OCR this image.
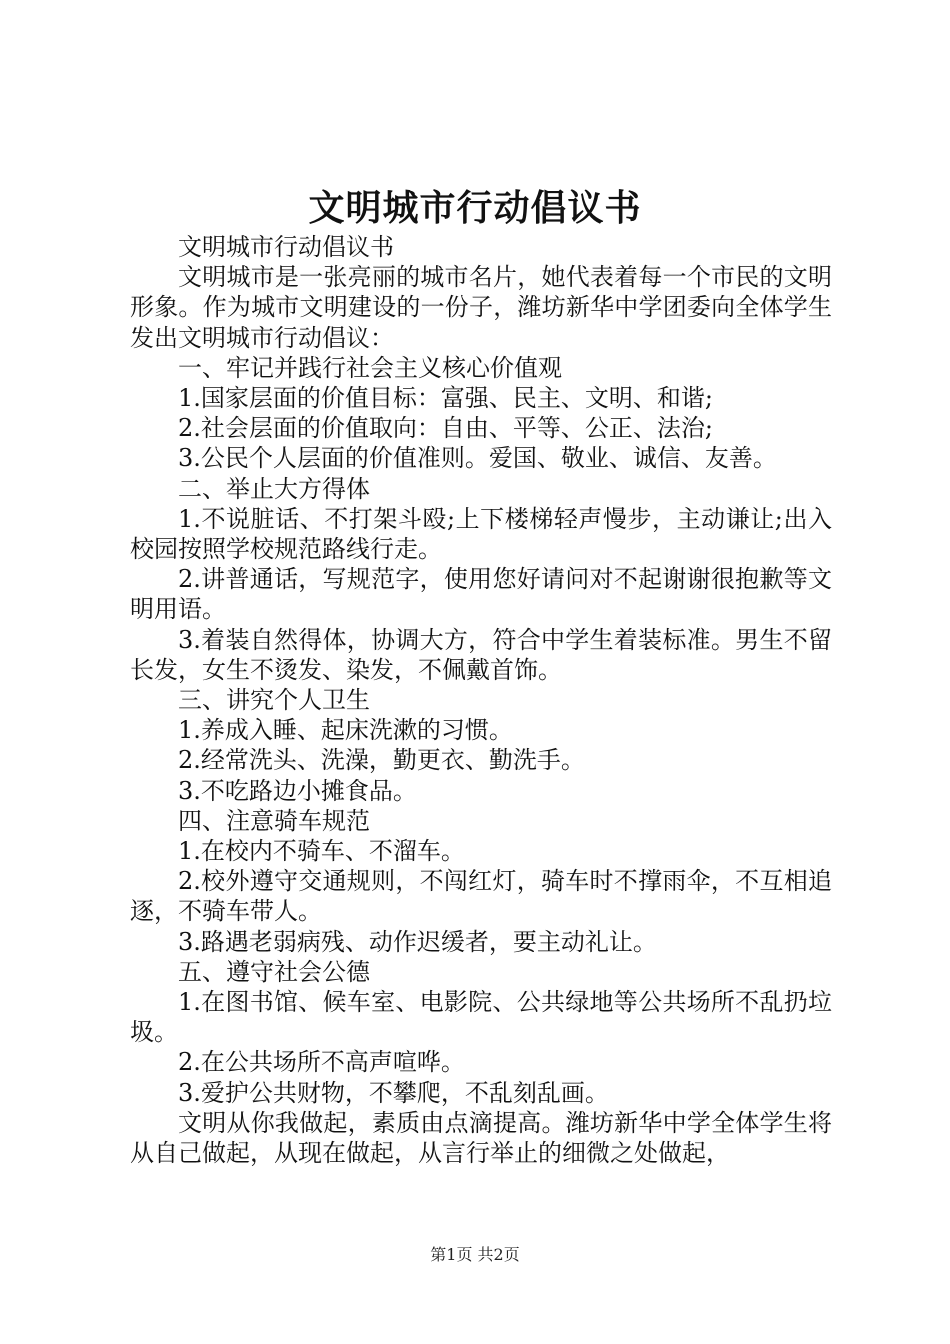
文明城市行动倡议书

文明城市行动倡议书

文明城市是一张亮丽的城市名片，她代表着每一个市民的文明形象。作为城市文明建设的一份子，潍坊新华中学团委向全体学生发出文明城市行动倡议：

一、牢记并践行社会主义核心价值观

1.国家层面的价值目标：富强、民主、文明、和谐;

2.社会层面的价值取向：自由、平等、公正、法治;

3.公民个人层面的价值准则。爱国、敬业、诚信、友善。

二、举止大方得体

1.不说脏话、不打架斗殴;上下楼梯轻声慢步，主动谦让;出入校园按照学校规范路线行走。

2.讲普通话，写规范字，使用您好请问对不起谢谢很抱歉等文明用语。

3.着装自然得体，协调大方，符合中学生着装标准。男生不留长发，女生不烫发、染发，不佩戴首饰。

三、讲究个人卫生

1.养成入睡、起床洗漱的习惯。

2.经常洗头、洗澡，勤更衣、勤洗手。

3.不吃路边小摊食品。

四、注意骑车规范

1.在校内不骑车、不溜车。

2.校外遵守交通规则，不闯红灯，骑车时不撑雨伞，不互相追逐，不骑车带人。

3.路遇老弱病残、动作迟缓者，要主动礼让。

五、遵守社会公德

1.在图书馆、候车室、电影院、公共绿地等公共场所不乱扔垃圾。

2.在公共场所不高声喧哗。

3.爱护公共财物，不攀爬，不乱刻乱画。

文明从你我做起，素质由点滴提高。潍坊新华中学全体学生将从自己做起，从现在做起，从言行举止的细微之处做起，

第1页 共2页
